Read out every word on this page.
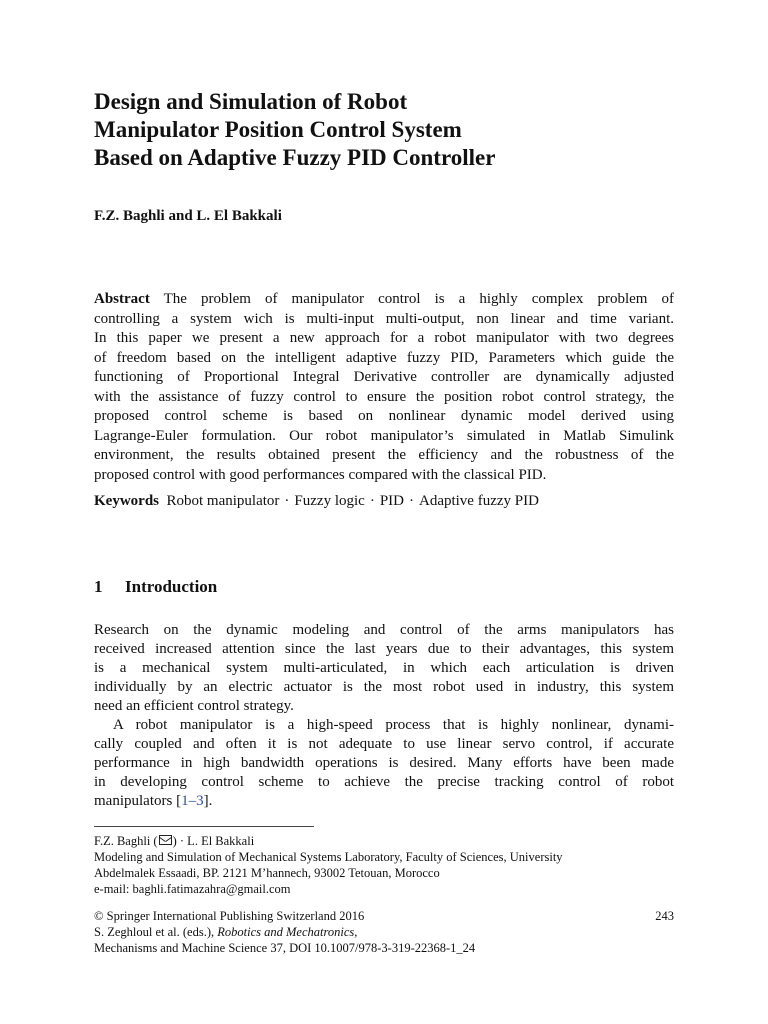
Design and Simulation of Robot
Manipulator Position Control System
Based on Adaptive Fuzzy PID Controller
F.Z. Baghli and L. El Bakkali
Abstract The problem of manipulator control is a highly complex problem of
controlling a system wich is multi-input multi-output, non linear and time variant.
In this paper we present a new approach for a robot manipulator with two degrees
of freedom based on the intelligent adaptive fuzzy PID, Parameters which guide the
functioning of Proportional Integral Derivative controller are dynamically adjusted
with the assistance of fuzzy control to ensure the position robot control strategy, the
proposed control scheme is based on nonlinear dynamic model derived using
Lagrange-Euler formulation. Our robot manipulator’s simulated in Matlab Simulink
environment, the results obtained present the efficiency and the robustness of the
proposed control with good performances compared with the classical PID.
Keywords Robot manipulator · Fuzzy logic · PID · Adaptive fuzzy PID
1 Introduction
Research on the dynamic modeling and control of the arms manipulators has
received increased attention since the last years due to their advantages, this system
is a mechanical system multi-articulated, in which each articulation is driven
individually by an electric actuator is the most robot used in industry, this system
need an efficient control strategy.
A robot manipulator is a high-speed process that is highly nonlinear, dynami-
cally coupled and often it is not adequate to use linear servo control, if accurate
performance in high bandwidth operations is desired. Many efforts have been made
in developing control scheme to achieve the precise tracking control of robot
manipulators [1–3].
F.Z. Baghli ( ) · L. El Bakkali
Modeling and Simulation of Mechanical Systems Laboratory, Faculty of Sciences, University
Abdelmalek Essaadi, BP. 2121 M’hannech, 93002 Tetouan, Morocco
e-mail: baghli.fatimazahra@gmail.com
© Springer International Publishing Switzerland 2016	243
S. Zeghloul et al. (eds.), Robotics and Mechatronics,
Mechanisms and Machine Science 37, DOI 10.1007/978-3-319-22368-1_24
